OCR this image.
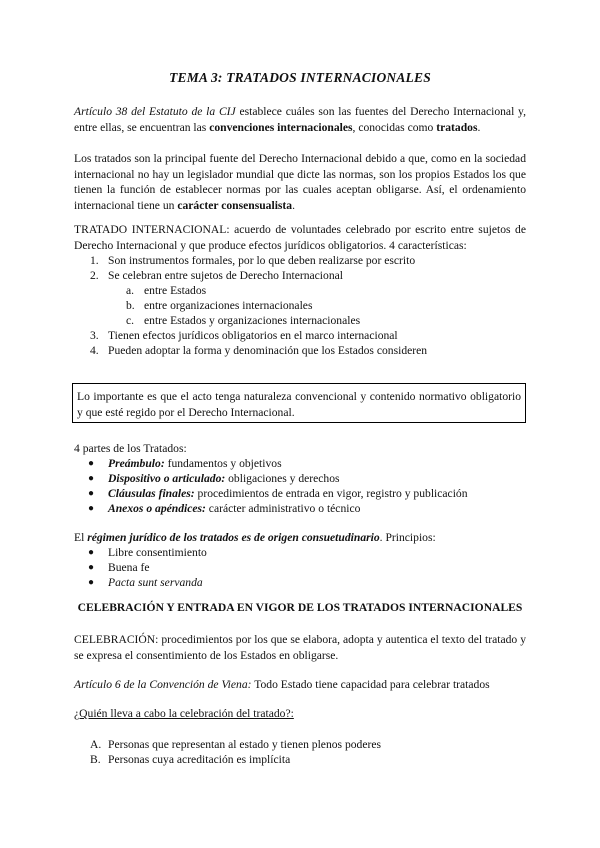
TEMA 3: TRATADOS INTERNACIONALES
Artículo 38 del Estatuto de la CIJ establece cuáles son las fuentes del Derecho Internacional y, entre ellas, se encuentran las convenciones internacionales, conocidas como tratados.
Los tratados son la principal fuente del Derecho Internacional debido a que, como en la sociedad internacional no hay un legislador mundial que dicte las normas, son los propios Estados los que tienen la función de establecer normas por las cuales aceptan obligarse. Así, el ordenamiento internacional tiene un carácter consensualista.
TRATADO INTERNACIONAL: acuerdo de voluntades celebrado por escrito entre sujetos de Derecho Internacional y que produce efectos jurídicos obligatorios. 4 características:
1. Son instrumentos formales, por lo que deben realizarse por escrito
2. Se celebran entre sujetos de Derecho Internacional
a. entre Estados
b. entre organizaciones internacionales
c. entre Estados y organizaciones internacionales
3. Tienen efectos jurídicos obligatorios en el marco internacional
4. Pueden adoptar la forma y denominación que los Estados consideren
Lo importante es que el acto tenga naturaleza convencional y contenido normativo obligatorio y que esté regido por el Derecho Internacional.
4 partes de los Tratados:
● Preámbulo: fundamentos y objetivos
● Dispositivo o articulado: obligaciones y derechos
● Cláusulas finales: procedimientos de entrada en vigor, registro y publicación
● Anexos o apéndices: carácter administrativo o técnico
El régimen jurídico de los tratados es de origen consuetudinario. Principios:
● Libre consentimiento
● Buena fe
● Pacta sunt servanda
CELEBRACIÓN Y ENTRADA EN VIGOR DE LOS TRATADOS INTERNACIONALES
CELEBRACIÓN: procedimientos por los que se elabora, adopta y autentica el texto del tratado y se expresa el consentimiento de los Estados en obligarse.
Artículo 6 de la Convención de Viena: Todo Estado tiene capacidad para celebrar tratados
¿Quién lleva a cabo la celebración del tratado?:
A. Personas que representan al estado y tienen plenos poderes
B. Personas cuya acreditación es implícita
